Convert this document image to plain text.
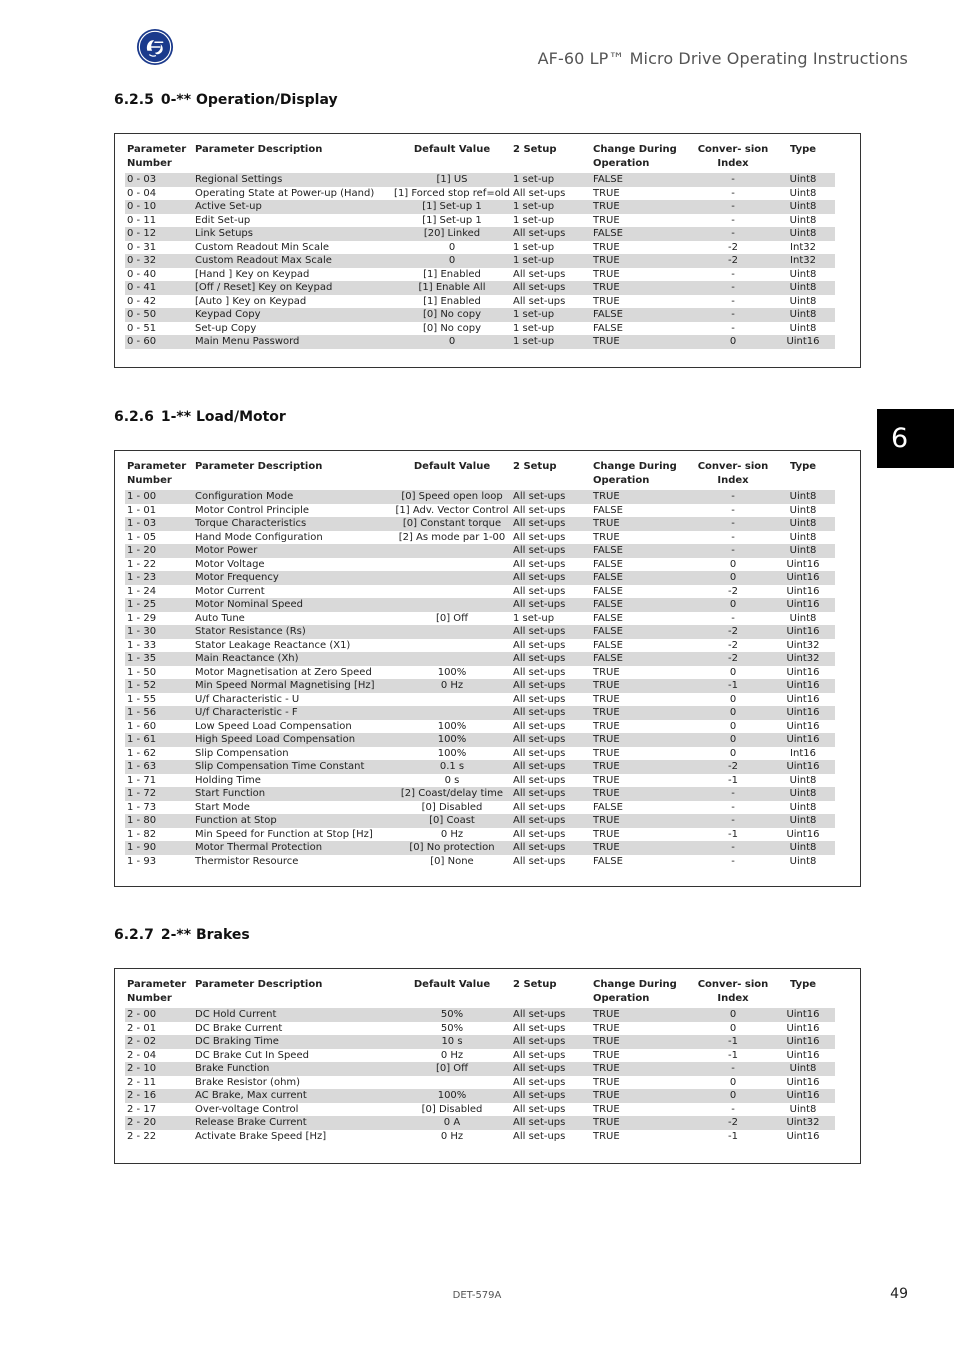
AF-60 LP™ Micro Drive Operating Instructions
6
6.2.5 0-** Operation/Display
6.2.6 1-** Load/Motor
6.2.7 2-** Brakes
Parameter Number	Parameter Description	Default Value	2 Setup	Change During Operation	Conver- sion Index	Type
0 - 03	Regional Settings	[1] US	1 set-up	FALSE	-	Uint8
0 - 04	Operating State at Power-up (Hand)	[1] Forced stop ref=old	All set-ups	TRUE	-	Uint8
0 - 10	Active Set-up	[1] Set-up 1	1 set-up	TRUE	-	Uint8
0 - 11	Edit Set-up	[1] Set-up 1	1 set-up	TRUE	-	Uint8
0 - 12	Link Setups	[20] Linked	All set-ups	FALSE	-	Uint8
0 - 31	Custom Readout Min Scale	0	1 set-up	TRUE	-2	Int32
0 - 32	Custom Readout Max Scale	0	1 set-up	TRUE	-2	Int32
0 - 40	[Hand ] Key on Keypad	[1] Enabled	All set-ups	TRUE	-	Uint8
0 - 41	[Off / Reset] Key on Keypad	[1] Enable All	All set-ups	TRUE	-	Uint8
0 - 42	[Auto ] Key on Keypad	[1] Enabled	All set-ups	TRUE	-	Uint8
0 - 50	Keypad Copy	[0] No copy	1 set-up	FALSE	-	Uint8
0 - 51	Set-up Copy	[0] No copy	1 set-up	FALSE	-	Uint8
0 - 60	Main Menu Password	0	1 set-up	TRUE	0	Uint16
Parameter Number	Parameter Description	Default Value	2 Setup	Change During Operation	Conver- sion Index	Type
1 - 00	Configuration Mode	[0] Speed open loop	All set-ups	TRUE	-	Uint8
1 - 01	Motor Control Principle	[1] Adv. Vector Control	All set-ups	FALSE	-	Uint8
1 - 03	Torque Characteristics	[0] Constant torque	All set-ups	TRUE	-	Uint8
1 - 05	Hand Mode Configuration	[2] As mode par 1-00	All set-ups	TRUE	-	Uint8
1 - 20	Motor Power		All set-ups	FALSE	-	Uint8
1 - 22	Motor Voltage		All set-ups	FALSE	0	Uint16
1 - 23	Motor Frequency		All set-ups	FALSE	0	Uint16
1 - 24	Motor Current		All set-ups	FALSE	-2	Uint16
1 - 25	Motor Nominal Speed		All set-ups	FALSE	0	Uint16
1 - 29	Auto Tune	[0] Off	1 set-up	FALSE	-	Uint8
1 - 30	Stator Resistance (Rs)		All set-ups	FALSE	-2	Uint16
1 - 33	Stator Leakage Reactance (X1)		All set-ups	FALSE	-2	Uint32
1 - 35	Main Reactance (Xh)		All set-ups	FALSE	-2	Uint32
1 - 50	Motor Magnetisation at Zero Speed	100%	All set-ups	TRUE	0	Uint16
1 - 52	Min Speed Normal Magnetising [Hz]	0 Hz	All set-ups	TRUE	-1	Uint16
1 - 55	U/f Characteristic - U		All set-ups	TRUE	0	Uint16
1 - 56	U/f Characteristic - F		All set-ups	TRUE	0	Uint16
1 - 60	Low Speed Load Compensation	100%	All set-ups	TRUE	0	Uint16
1 - 61	High Speed Load Compensation	100%	All set-ups	TRUE	0	Uint16
1 - 62	Slip Compensation	100%	All set-ups	TRUE	0	Int16
1 - 63	Slip Compensation Time Constant	0.1 s	All set-ups	TRUE	-2	Uint16
1 - 71	Holding Time	0 s	All set-ups	TRUE	-1	Uint8
1 - 72	Start Function	[2] Coast/delay time	All set-ups	TRUE	-	Uint8
1 - 73	Start Mode	[0] Disabled	All set-ups	FALSE	-	Uint8
1 - 80	Function at Stop	[0] Coast	All set-ups	TRUE	-	Uint8
1 - 82	Min Speed for Function at Stop [Hz]	0 Hz	All set-ups	TRUE	-1	Uint16
1 - 90	Motor Thermal Protection	[0] No protection	All set-ups	TRUE	-	Uint8
1 - 93	Thermistor Resource	[0] None	All set-ups	FALSE	-	Uint8
Parameter Number	Parameter Description	Default Value	2 Setup	Change During Operation	Conver- sion Index	Type
2 - 00	DC Hold Current	50%	All set-ups	TRUE	0	Uint16
2 - 01	DC Brake Current	50%	All set-ups	TRUE	0	Uint16
2 - 02	DC Braking Time	10 s	All set-ups	TRUE	-1	Uint16
2 - 04	DC Brake Cut In Speed	0 Hz	All set-ups	TRUE	-1	Uint16
2 - 10	Brake Function	[0] Off	All set-ups	TRUE	-	Uint8
2 - 11	Brake Resistor (ohm)		All set-ups	TRUE	0	Uint16
2 - 16	AC Brake, Max current	100%	All set-ups	TRUE	0	Uint16
2 - 17	Over-voltage Control	[0] Disabled	All set-ups	TRUE	-	Uint8
2 - 20	Release Brake Current	0 A	All set-ups	TRUE	-2	Uint32
2 - 22	Activate Brake Speed [Hz]	0 Hz	All set-ups	TRUE	-1	Uint16
DET-579A	49
